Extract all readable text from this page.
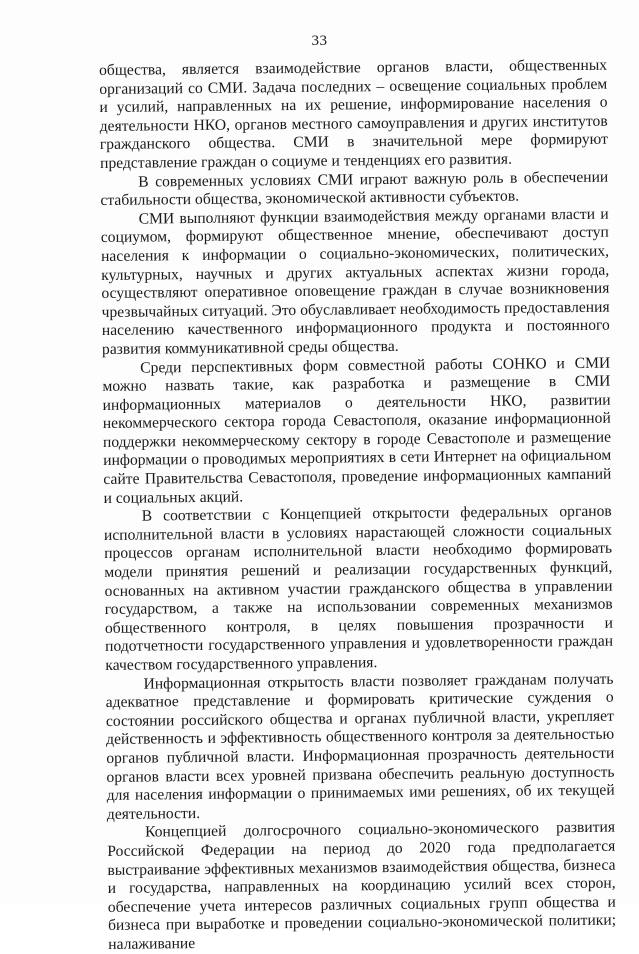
33

общества, является взаимодействие органов власти, общественных организаций со СМИ. Задача последних – освещение социальных проблем и усилий, направленных на их решение, информирование населения о деятельности НКО, органов местного самоуправления и других институтов гражданского общества. СМИ в значительной мере формируют представление граждан о социуме и тенденциях его развития.

В современных условиях СМИ играют важную роль в обеспечении стабильности общества, экономической активности субъектов.

СМИ выполняют функции взаимодействия между органами власти и социумом, формируют общественное мнение, обеспечивают доступ населения к информации о социально-экономических, политических, культурных, научных и других актуальных аспектах жизни города, осуществляют оперативное оповещение граждан в случае возникновения чрезвычайных ситуаций. Это обуславливает необходимость предоставления населению качественного информационного продукта и постоянного развития коммуникативной среды общества.

Среди перспективных форм совместной работы СОНКО и СМИ можно назвать такие, как разработка и размещение в СМИ информационных материалов о деятельности НКО, развитии некоммерческого сектора города Севастополя, оказание информационной поддержки некоммерческому сектору в городе Севастополе и размещение информации о проводимых мероприятиях в сети Интернет на официальном сайте Правительства Севастополя, проведение информационных кампаний и социальных акций.

В соответствии с Концепцией открытости федеральных органов исполнительной власти в условиях нарастающей сложности социальных процессов органам исполнительной власти необходимо формировать модели принятия решений и реализации государственных функций, основанных на активном участии гражданского общества в управлении государством, а также на использовании современных механизмов общественного контроля, в целях повышения прозрачности и подотчетности государственного управления и удовлетворенности граждан качеством государственного управления.

Информационная открытость власти позволяет гражданам получать адекватное представление и формировать критические суждения о состоянии российского общества и органах публичной власти, укрепляет действенность и эффективность общественного контроля за деятельностью органов публичной власти. Информационная прозрачность деятельности органов власти всех уровней призвана обеспечить реальную доступность для населения информации о принимаемых ими решениях, об их текущей деятельности.

Концепцией долгосрочного социально-экономического развития Российской Федерации на период до 2020 года предполагается выстраивание эффективных механизмов взаимодействия общества, бизнеса и государства, направленных на координацию усилий всех сторон, обеспечение учета интересов различных социальных групп общества и бизнеса при выработке и проведении социально-экономической политики; налаживание
